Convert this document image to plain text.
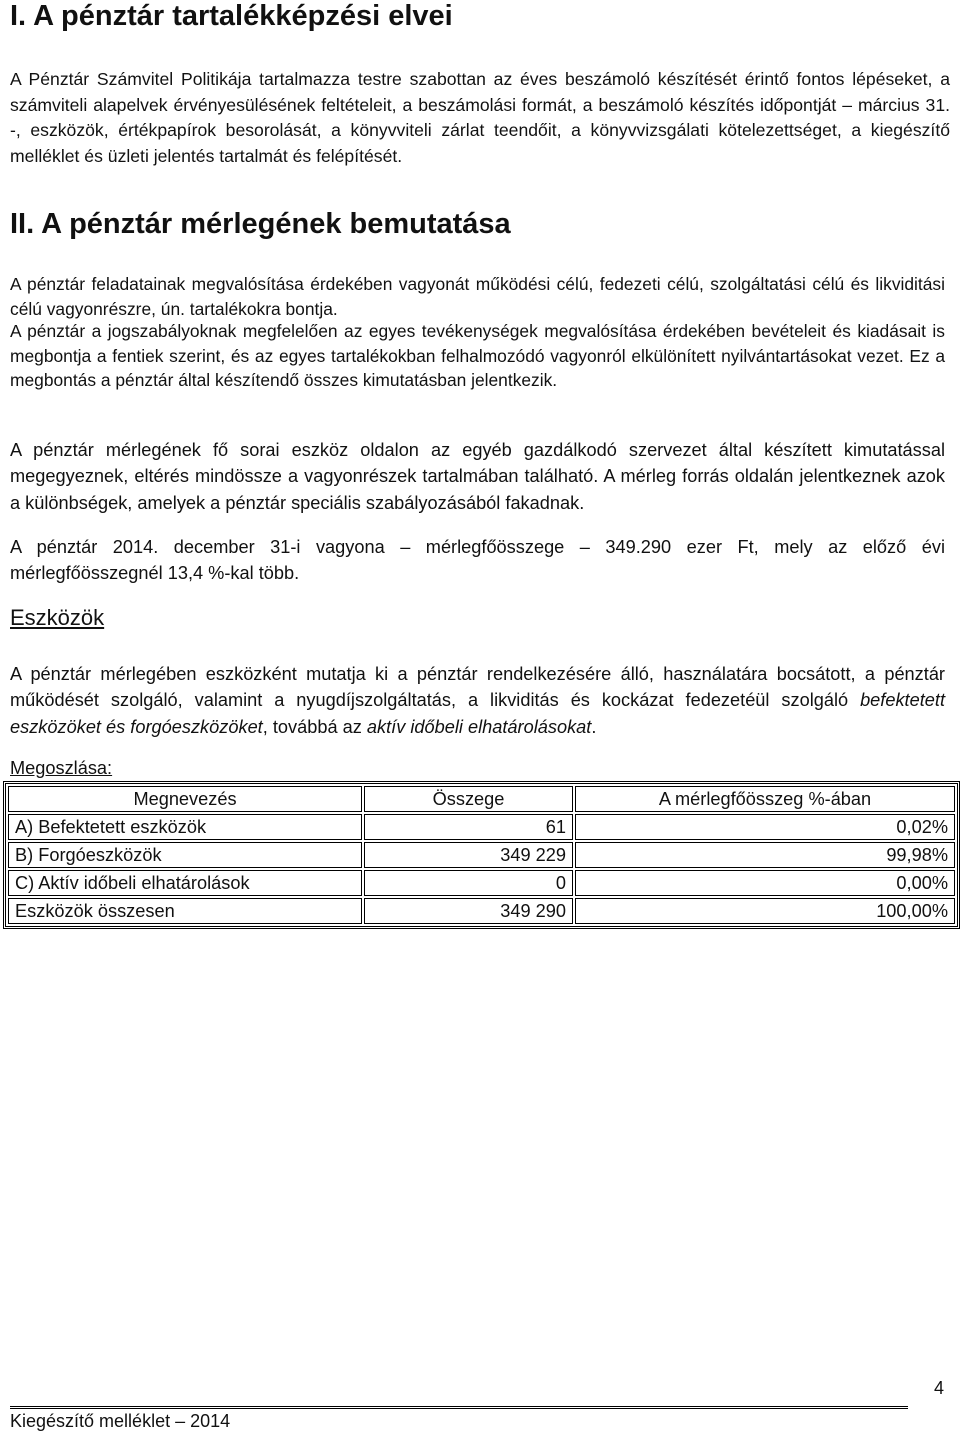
I. A pénztár tartalékképzési elvei

A Pénztár Számvitel Politikája tartalmazza testre szabottan az éves beszámoló készítését érintő fontos lépéseket, a számviteli alapelvek érvényesülésének feltételeit, a beszámolási formát, a beszámoló készítés időpontját – március 31. -, eszközök, értékpapírok besorolását, a könyvviteli zárlat teendőit, a könyvvizsgálati kötelezettséget, a kiegészítő melléklet és üzleti jelentés tartalmát és felépítését.

II. A pénztár mérlegének bemutatása

A pénztár feladatainak megvalósítása érdekében vagyonát működési célú, fedezeti célú, szolgáltatási célú és likviditási célú vagyonrészre, ún. tartalékokra bontja.

A pénztár a jogszabályoknak megfelelően az egyes tevékenységek megvalósítása érdekében bevételeit és kiadásait is megbontja a fentiek szerint, és az egyes tartalékokban felhalmozódó vagyonról elkülönített nyilvántartásokat vezet. Ez a megbontás a pénztár által készítendő összes kimutatásban jelentkezik.

A pénztár mérlegének fő sorai eszköz oldalon az egyéb gazdálkodó szervezet által készített kimutatással megegyeznek, eltérés mindössze a vagyonrészek tartalmában található. A mérleg forrás oldalán jelentkeznek azok a különbségek, amelyek a pénztár speciális szabályozásából fakadnak.

A pénztár 2014. december 31-i vagyona – mérlegfőösszege – 349.290 ezer Ft, mely az előző évi mérlegfőösszegnél 13,4 %-kal több.

Eszközök

A pénztár mérlegében eszközként mutatja ki a pénztár rendelkezésére álló, használatára bocsátott, a pénztár működését szolgáló, valamint a nyugdíjszolgáltatás, a likviditás és kockázat fedezetéül szolgáló befektetett eszközöket és forgóeszközöket, továbbá az aktív időbeli elhatárolásokat.

Megoszlása:
Megnevezés	Összege	A mérlegfőösszeg %-ában
A) Befektetett eszközök	61	0,02%
B) Forgóeszközök	349 229	99,98%
C) Aktív időbeli elhatárolások	0	0,00%
Eszközök összesen	349 290	100,00%
4
Kiegészítő melléklet – 2014
